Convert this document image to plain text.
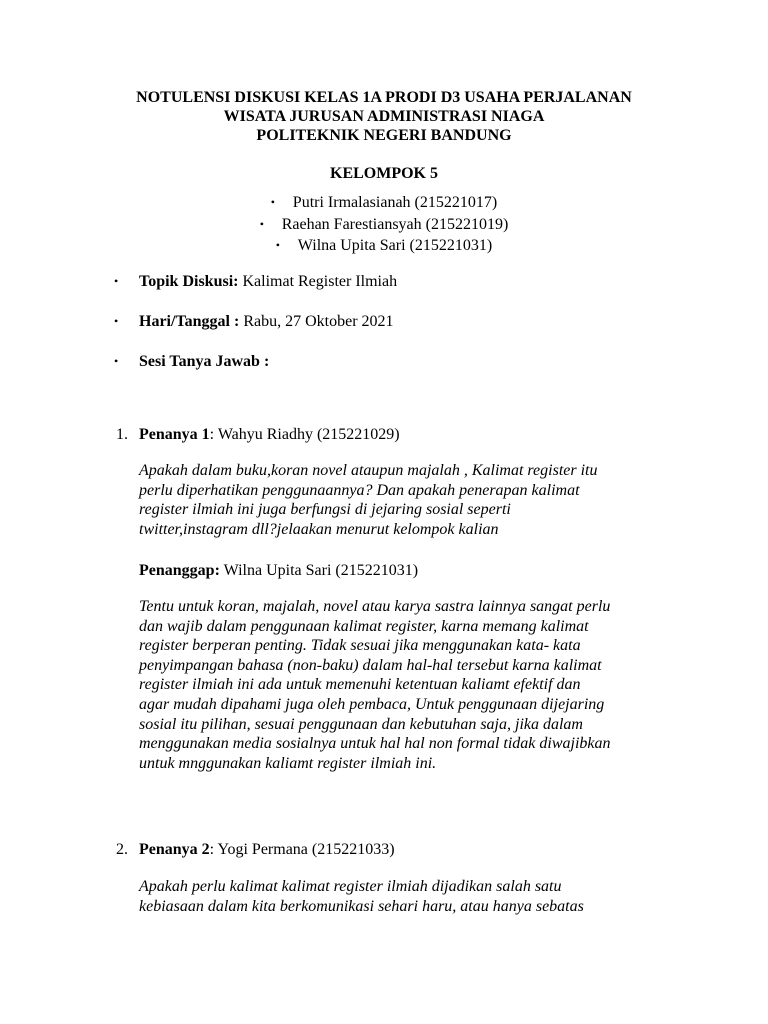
NOTULENSI DISKUSI KELAS 1A PRODI D3 USAHA PERJALANAN
WISATA JURUSAN ADMINISTRASI NIAGA
POLITEKNIK NEGERI BANDUNG
KELOMPOK 5
• Putri Irmalasianah (215221017)
• Raehan Farestiansyah (215221019)
• Wilna Upita Sari (215221031)
• Topik Diskusi: Kalimat Register Ilmiah
• Hari/Tanggal : Rabu, 27 Oktober 2021
• Sesi Tanya Jawab :
1. Penanya 1: Wahyu Riadhy (215221029)
Apakah dalam buku,koran novel ataupun majalah , Kalimat register itu
perlu diperhatikan penggunaannya? Dan apakah penerapan kalimat
register ilmiah ini juga berfungsi di jejaring sosial seperti
twitter,instagram dll?jelaakan menurut kelompok kalian
Penanggap: Wilna Upita Sari (215221031)
Tentu untuk koran, majalah, novel atau karya sastra lainnya sangat perlu
dan wajib dalam penggunaan kalimat register, karna memang kalimat
register berperan penting. Tidak sesuai jika menggunakan kata- kata
penyimpangan bahasa (non-baku) dalam hal-hal tersebut karna kalimat
register ilmiah ini ada untuk memenuhi ketentuan kaliamt efektif dan
agar mudah dipahami juga oleh pembaca, Untuk penggunaan dijejaring
sosial itu pilihan, sesuai penggunaan dan kebutuhan saja, jika dalam
menggunakan media sosialnya untuk hal hal non formal tidak diwajibkan
untuk mnggunakan kaliamt register ilmiah ini.
2. Penanya 2: Yogi Permana (215221033)
Apakah perlu kalimat kalimat register ilmiah dijadikan salah satu
kebiasaan dalam kita berkomunikasi sehari haru, atau hanya sebatas
